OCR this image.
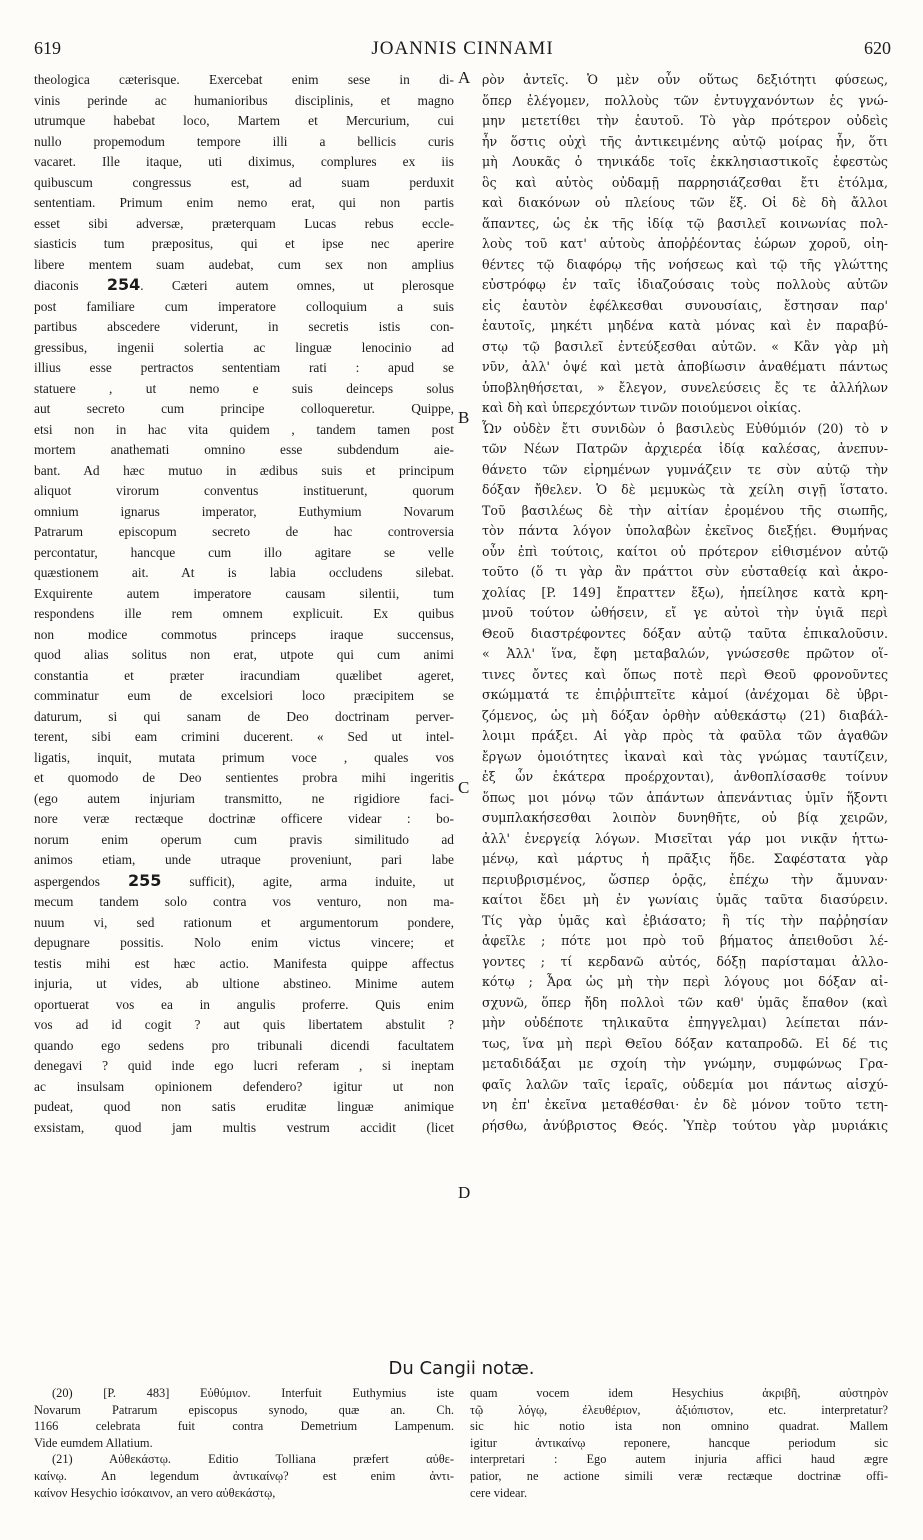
619	JOANNIS CINNAMI	620
theologica cæterisque. Exercebat enim sese in di-
vinis perinde ac humanioribus disciplinis, et magno
utrumque habebat loco, Martem et Mercurium, cui
nullo propemodum tempore illi a bellicis curis
vacaret. Ille itaque, uti diximus, complures ex iis
quibuscum congressus est, ad suam perduxit
sententiam. Primum enim nemo erat, qui non partis
esset sibi adversæ, præterquam Lucas rebus eccle-
siasticis tum præpositus, qui et ipse nec aperire
libere mentem suam audebat, cum sex non amplius
diaconis 254. Cæteri autem omnes, ut plerosque
post familiare cum imperatore colloquium a suis
partibus abscedere viderunt, in secretis istis con-
gressibus, ingenii solertia ac linguæ lenocinio ad
illius esse pertractos sententiam rati : apud se
statuere , ut nemo e suis deinceps solus
aut secreto cum principe colloqueretur. Quippe,
etsi non in hac vita quidem , tandem tamen post
mortem anathemati omnino esse subdendum aie-
bant. Ad hæc mutuo in ædibus suis et principum
aliquot virorum conventus instituerunt, quorum
omnium ignarus imperator, Euthymium Novarum
Patrarum episcopum secreto de hac controversia
percontatur, hancque cum illo agitare se velle
quæstionem ait. At is labia occludens silebat.
Exquirente autem imperatore causam silentii, tum
respondens ille rem omnem explicuit. Ex quibus
non modice commotus princeps iraque succensus,
quod alias solitus non erat, utpote qui cum animi
constantia et præter iracundiam quælibet ageret,
comminatur eum de excelsiori loco præcipitem se
daturum, si qui sanam de Deo doctrinam perver-
terent, sibi eam crimini ducerent. « Sed ut intel-
ligatis, inquit, mutata primum voce , quales vos
et quomodo de Deo sentientes probra mihi ingeritis
(ego autem injuriam transmitto, ne rigidiore faci-
nore veræ rectæque doctrinæ officere videar : bo-
norum enim operum cum pravis similitudo ad
animos etiam, unde utraque proveniunt, pari labe
aspergendos 255 sufficit), agite, arma induite, ut
mecum tandem solo contra vos venturo, non ma-
nuum vi, sed rationum et argumentorum pondere,
depugnare possitis. Nolo enim victus vincere; et
testis mihi est hæc actio. Manifesta quippe affectus
injuria, ut vides, ab ultione abstineo. Minime autem
oportuerat vos ea in angulis proferre. Quis enim
vos ad id cogit ? aut quis libertatem abstulit ?
quando ego sedens pro tribunali dicendi facultatem
denegavi ? quid inde ego lucri referam , si ineptam
ac insulsam opinionem defendero? igitur ut non
pudeat, quod non satis eruditæ linguæ animique
exsistam, quod jam multis vestrum accidit (licet
ρὸν ἀντεῖς. Ὁ μὲν οὖν οὕτως δεξιότητι φύσεως,
ὅπερ ἐλέγομεν, πολλοὺς τῶν ἐντυγχανόντων ἐς γνώ-
μην μετετίθει τὴν ἑαυτοῦ. Τὸ γὰρ πρότερον οὐδεὶς
ἦν ὅστις οὐχὶ τῆς ἀντικειμένης αὐτῷ μοίρας ἦν, ὅτι
μὴ Λουκᾶς ὁ τηνικάδε τοῖς ἐκκλησιαστικοῖς ἐφεστὼς
ὃς καὶ αὐτὸς οὐδαμῇ παρρησιάζεσθαι ἔτι ἐτόλμα,
καὶ διακόνων οὐ πλείους τῶν ἕξ. Οἱ δὲ δὴ ἄλλοι
ἅπαντες, ὡς ἐκ τῆς ἰδίᾳ τῷ βασιλεῖ κοινωνίας πολ-
λοὺς τοῦ κατ' αὐτοὺς ἀποῤῥέοντας ἑώρων χοροῦ, οἰη-
θέντες τῷ διαφόρῳ τῆς νοήσεως καὶ τῷ τῆς γλώττης
εὐστρόφῳ ἐν ταῖς ἰδιαζούσαις τοὺς πολλοὺς αὐτῶν
εἰς ἑαυτὸν ἐφέλκεσθαι συνουσίαις, ἔστησαν παρ'
ἑαυτοῖς, μηκέτι μηδένα κατὰ μόνας καὶ ἐν παραβύ-
στῳ τῷ βασιλεῖ ἐντεύξεσθαι αὐτῶν. « Κἂν γὰρ μὴ
νῦν, ἀλλ' ὀψέ καὶ μετὰ ἀποβίωσιν ἀναθέματι πάντως
ὑποβληθήσεται, » ἔλεγον, συνελεύσεις ἔς τε ἀλλήλων
καὶ δὴ καὶ ὑπερεχόντων τινῶν ποιούμενοι οἰκίας.
Ὧν οὐδὲν ἔτι συνιδὼν ὁ βασιλεὺς Εὐθύμιόν (20) τὸ ν
τῶν Νέων Πατρῶν ἀρχιερέα ἰδίᾳ καλέσας, ἀνεπυν-
θάνετο τῶν εἰρημένων γυμνάζειν τε σὺν αὐτῷ τὴν
δόξαν ἤθελεν. Ὁ δὲ μεμυκὼς τὰ χείλη σιγῇ ἵστατο.
Τοῦ βασιλέως δὲ τὴν αἰτίαν ἐρομένου τῆς σιωπῆς,
τὸν πάντα λόγον ὑπολαβὼν ἐκεῖνος διεξῄει. Θυμήνας
οὖν ἐπὶ τούτοις, καίτοι οὐ πρότερον εἰθισμένον αὐτῷ
τοῦτο (ὅ τι γὰρ ἂν πράττοι σὺν εὐσταθείᾳ καὶ ἀκρο-
χολίας [P. 149] ἔπραττεν ἔξω), ἠπείλησε κατὰ κρη-
μνοῦ τούτον ὠθήσειν, εἴ γε αὐτοὶ τὴν ὑγιᾶ περὶ
Θεοῦ διαστρέφοντες δόξαν αὐτῷ ταῦτα ἐπικαλοῦσιν.
« Ἀλλ' ἵνα, ἔφη μεταβαλών, γνώσεσθε πρῶτον οἵ-
τινες ὄντες καὶ ὅπως ποτὲ περὶ Θεοῦ φρονοῦντες
σκώμματά τε ἐπιῤῥιπτεῖτε κἀμοί (ἀνέχομαι δὲ ὑβρι-
ζόμενος, ὡς μὴ δόξαν ὀρθὴν αὐθεκάστῳ (21) διαβάλ-
λοιμι πράξει. Αἱ γὰρ πρὸς τὰ φαῦλα τῶν ἀγαθῶν
ἔργων ὁμοιότητες ἱκαναὶ καὶ τὰς γνώμας ταυτίζειν,
ἐξ ὧν ἑκάτερα προέρχονται), ἀνθοπλίσασθε τοίνυν
ὅπως μοι μόνῳ τῶν ἁπάντων ἀπενάντιας ὑμῖν ἥξοντι
συμπλακήσεσθαι λοιπὸν δυνηθῆτε, οὐ βίᾳ χειρῶν,
ἀλλ' ἐνεργείᾳ λόγων. Μισεῖται γάρ μοι νικᾷν ἡττω-
μένῳ, καὶ μάρτυς ἡ πρᾶξις ἥδε. Σαφέστατα γὰρ
περιυβρισμένος, ὥσπερ ὁρᾷς, ἐπέχω τὴν ἄμυναν·
καίτοι ἔδει μὴ ἐν γωνίαις ὑμᾶς ταῦτα διασύρειν.
Τίς γὰρ ὑμᾶς καὶ ἐβιάσατο; ἢ τίς τὴν παῤῥησίαν
ἀφεῖλε ; πότε μοι πρὸ τοῦ βήματος ἀπειθοῦσι λέ-
γοντες ; τί κερδανῶ αὐτός, δόξῃ παρίσταμαι ἀλλο-
κότῳ ; Ἆρα ὡς μὴ τὴν περὶ λόγους μοι δόξαν αἰ-
σχυνῶ, ὅπερ ἤδη πολλοὶ τῶν καθ' ὑμᾶς ἔπαθον (καὶ
μὴν οὐδέποτε τηλικαῦτα ἐπηγγελμαι) λείπεται πάν-
τως, ἵνα μὴ περὶ Θεῖου δόξαν καταπροδῶ. Εἰ δέ τις
μεταδιδάξαι με σχοίη τὴν γνώμην, συμφώνως Γρα-
φαῖς λαλῶν ταῖς ἱεραῖς, οὐδεμία μοι πάντως αἰσχύ-
νη ἐπ' ἐκεῖνα μεταθέσθαι· ἐν δὲ μόνον τοῦτο τετη-
ρήσθω, ἀνύβριστος Θεός. Ὑπὲρ τούτου γὰρ μυριάκις
A
B
C
D
Du Cangii notæ.
(20) [P. 483] Εὐθύμιον. Interfuit Euthymius iste
Novarum Patrarum episcopus synodo, quæ an. Ch.
1166 celebrata fuit contra Demetrium Lampenum.
Vide eumdem Allatium.
(21) Αὐθεκάστῳ. Editio Tolliana præfert αὐθε-
καίνῳ. An legendum ἀντικαίνῳ? est enim ἀντι-
καίνον Hesychio ἰσόκαινον, an vero αὐθεκάστῳ,
quam vocem idem Hesychius ἀκριβῆ, αὐστηρὸν
τῷ λόγῳ, ἐλευθέριον, ἀξιόπιστον, etc. interpretatur?
sic hic notio ista non omnino quadrat. Mallem
igitur ἀντικαίνῳ reponere, hancque periodum sic
interpretari : Ego autem injuria affici haud ægre
patior, ne actione simili veræ rectæque doctrinæ offi-
cere videar.
